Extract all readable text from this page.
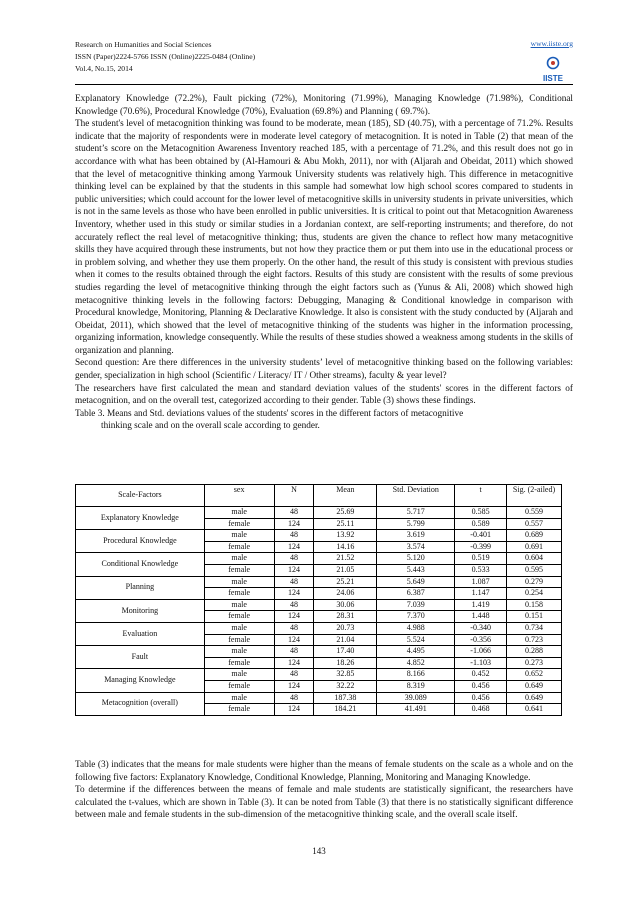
Research on Humanities and Social Sciences
ISSN (Paper)2224-5766 ISSN (Online)2225-0484 (Online)
Vol.4, No.15, 2014
www.iiste.org
IISTE

Explanatory Knowledge (72.2%), Fault picking (72%), Monitoring (71.99%), Managing Knowledge (71.98%), Conditional Knowledge (70.6%), Procedural Knowledge (70%), Evaluation (69.8%) and Planning ( 69.7%).

The student's level of metacognition thinking was found to be moderate, mean (185), SD (40.75), with a percentage of 71.2%. Results indicate that the majority of respondents were in moderate level category of metacognition. It is noted in Table (2) that mean of the student’s score on the Metacognition Awareness Inventory reached 185, with a percentage of 71.2%, and this result does not go in accordance with what has been obtained by (Al-Hamouri & Abu Mokh, 2011), nor with (Aljarah and Obeidat, 2011) which showed that the level of metacognitive thinking among Yarmouk University students was relatively high. This difference in metacognitive thinking level can be explained by that the students in this sample had somewhat low high school scores compared to students in public universities; which could account for the lower level of metacognitive skills in university students in private universities, which is not in the same levels as those who have been enrolled in public universities. It is critical to point out that Metacognition Awareness Inventory, whether used in this study or similar studies in a Jordanian context, are self-reporting instruments; and therefore, do not accurately reflect the real level of metacognitive thinking; thus, students are given the chance to reflect how many metacognitive skills they have acquired through these instruments, but not how they practice them or put them into use in the educational process or in problem solving, and whether they use them properly. On the other hand, the result of this study is consistent with previous studies when it comes to the results obtained through the eight factors. Results of this study are consistent with the results of some previous studies regarding the level of metacognitive thinking through the eight factors such as (Yunus & Ali, 2008) which showed high metacognitive thinking levels in the following factors: Debugging, Managing & Conditional knowledge in comparison with Procedural knowledge, Monitoring, Planning & Declarative Knowledge. It also is consistent with the study conducted by (Aljarah and Obeidat, 2011), which showed that the level of metacognitive thinking of the students was higher in the information processing, organizing information, knowledge consequently. While the results of these studies showed a weakness among students in the skills of organization and planning.

Second question: Are there differences in the university students’ level of metacognitive thinking based on the following variables: gender, specialization in high school (Scientific / Literacy/ IT / Other streams), faculty & year level?

The researchers have first calculated the mean and standard deviation values of the students' scores in the different factors of metacognition, and on the overall test, categorized according to their gender. Table (3) shows these findings.

Table 3. Means and Std. deviations values of the students' scores in the different factors of metacognitive

thinking scale and on the overall scale according to gender.

Scale-Factors	sex	N	Mean	Std. Deviation	t	Sig. (2-ailed)
Explanatory Knowledge	male	48	25.69	5.717	0.585	0.559
	female	124	25.11	5.799	0.589	0.557
Procedural Knowledge	male	48	13.92	3.619	-0.401	0.689
	female	124	14.16	3.574	-0.399	0.691
Conditional Knowledge	male	48	21.52	5.120	0.519	0.604
	female	124	21.05	5.443	0.533	0.595
Planning	male	48	25.21	5.649	1.087	0.279
	female	124	24.06	6.387	1.147	0.254
Monitoring	male	48	30.06	7.039	1.419	0.158
	female	124	28.31	7.370	1.448	0.151
Evaluation	male	48	20.73	4.988	-0.340	0.734
	female	124	21.04	5.524	-0.356	0.723
Fault	male	48	17.40	4.495	-1.066	0.288
	female	124	18.26	4.852	-1.103	0.273
Managing Knowledge	male	48	32.85	8.166	0.452	0.652
	female	124	32.22	8.319	0.456	0.649
Metacognition (overall)	male	48	187.38	39.089	0.456	0.649
	female	124	184.21	41.491	0.468	0.641

Table (3) indicates that the means for male students were higher than the means of female students on the scale as a whole and on the following five factors: Explanatory Knowledge, Conditional Knowledge, Planning, Monitoring and Managing Knowledge.

To determine if the differences between the means of female and male students are statistically significant, the researchers have calculated the t-values, which are shown in Table (3). It can be noted from Table (3) that there is no statistically significant difference between male and female students in the sub-dimension of the metacognitive thinking scale, and the overall scale itself.

143
